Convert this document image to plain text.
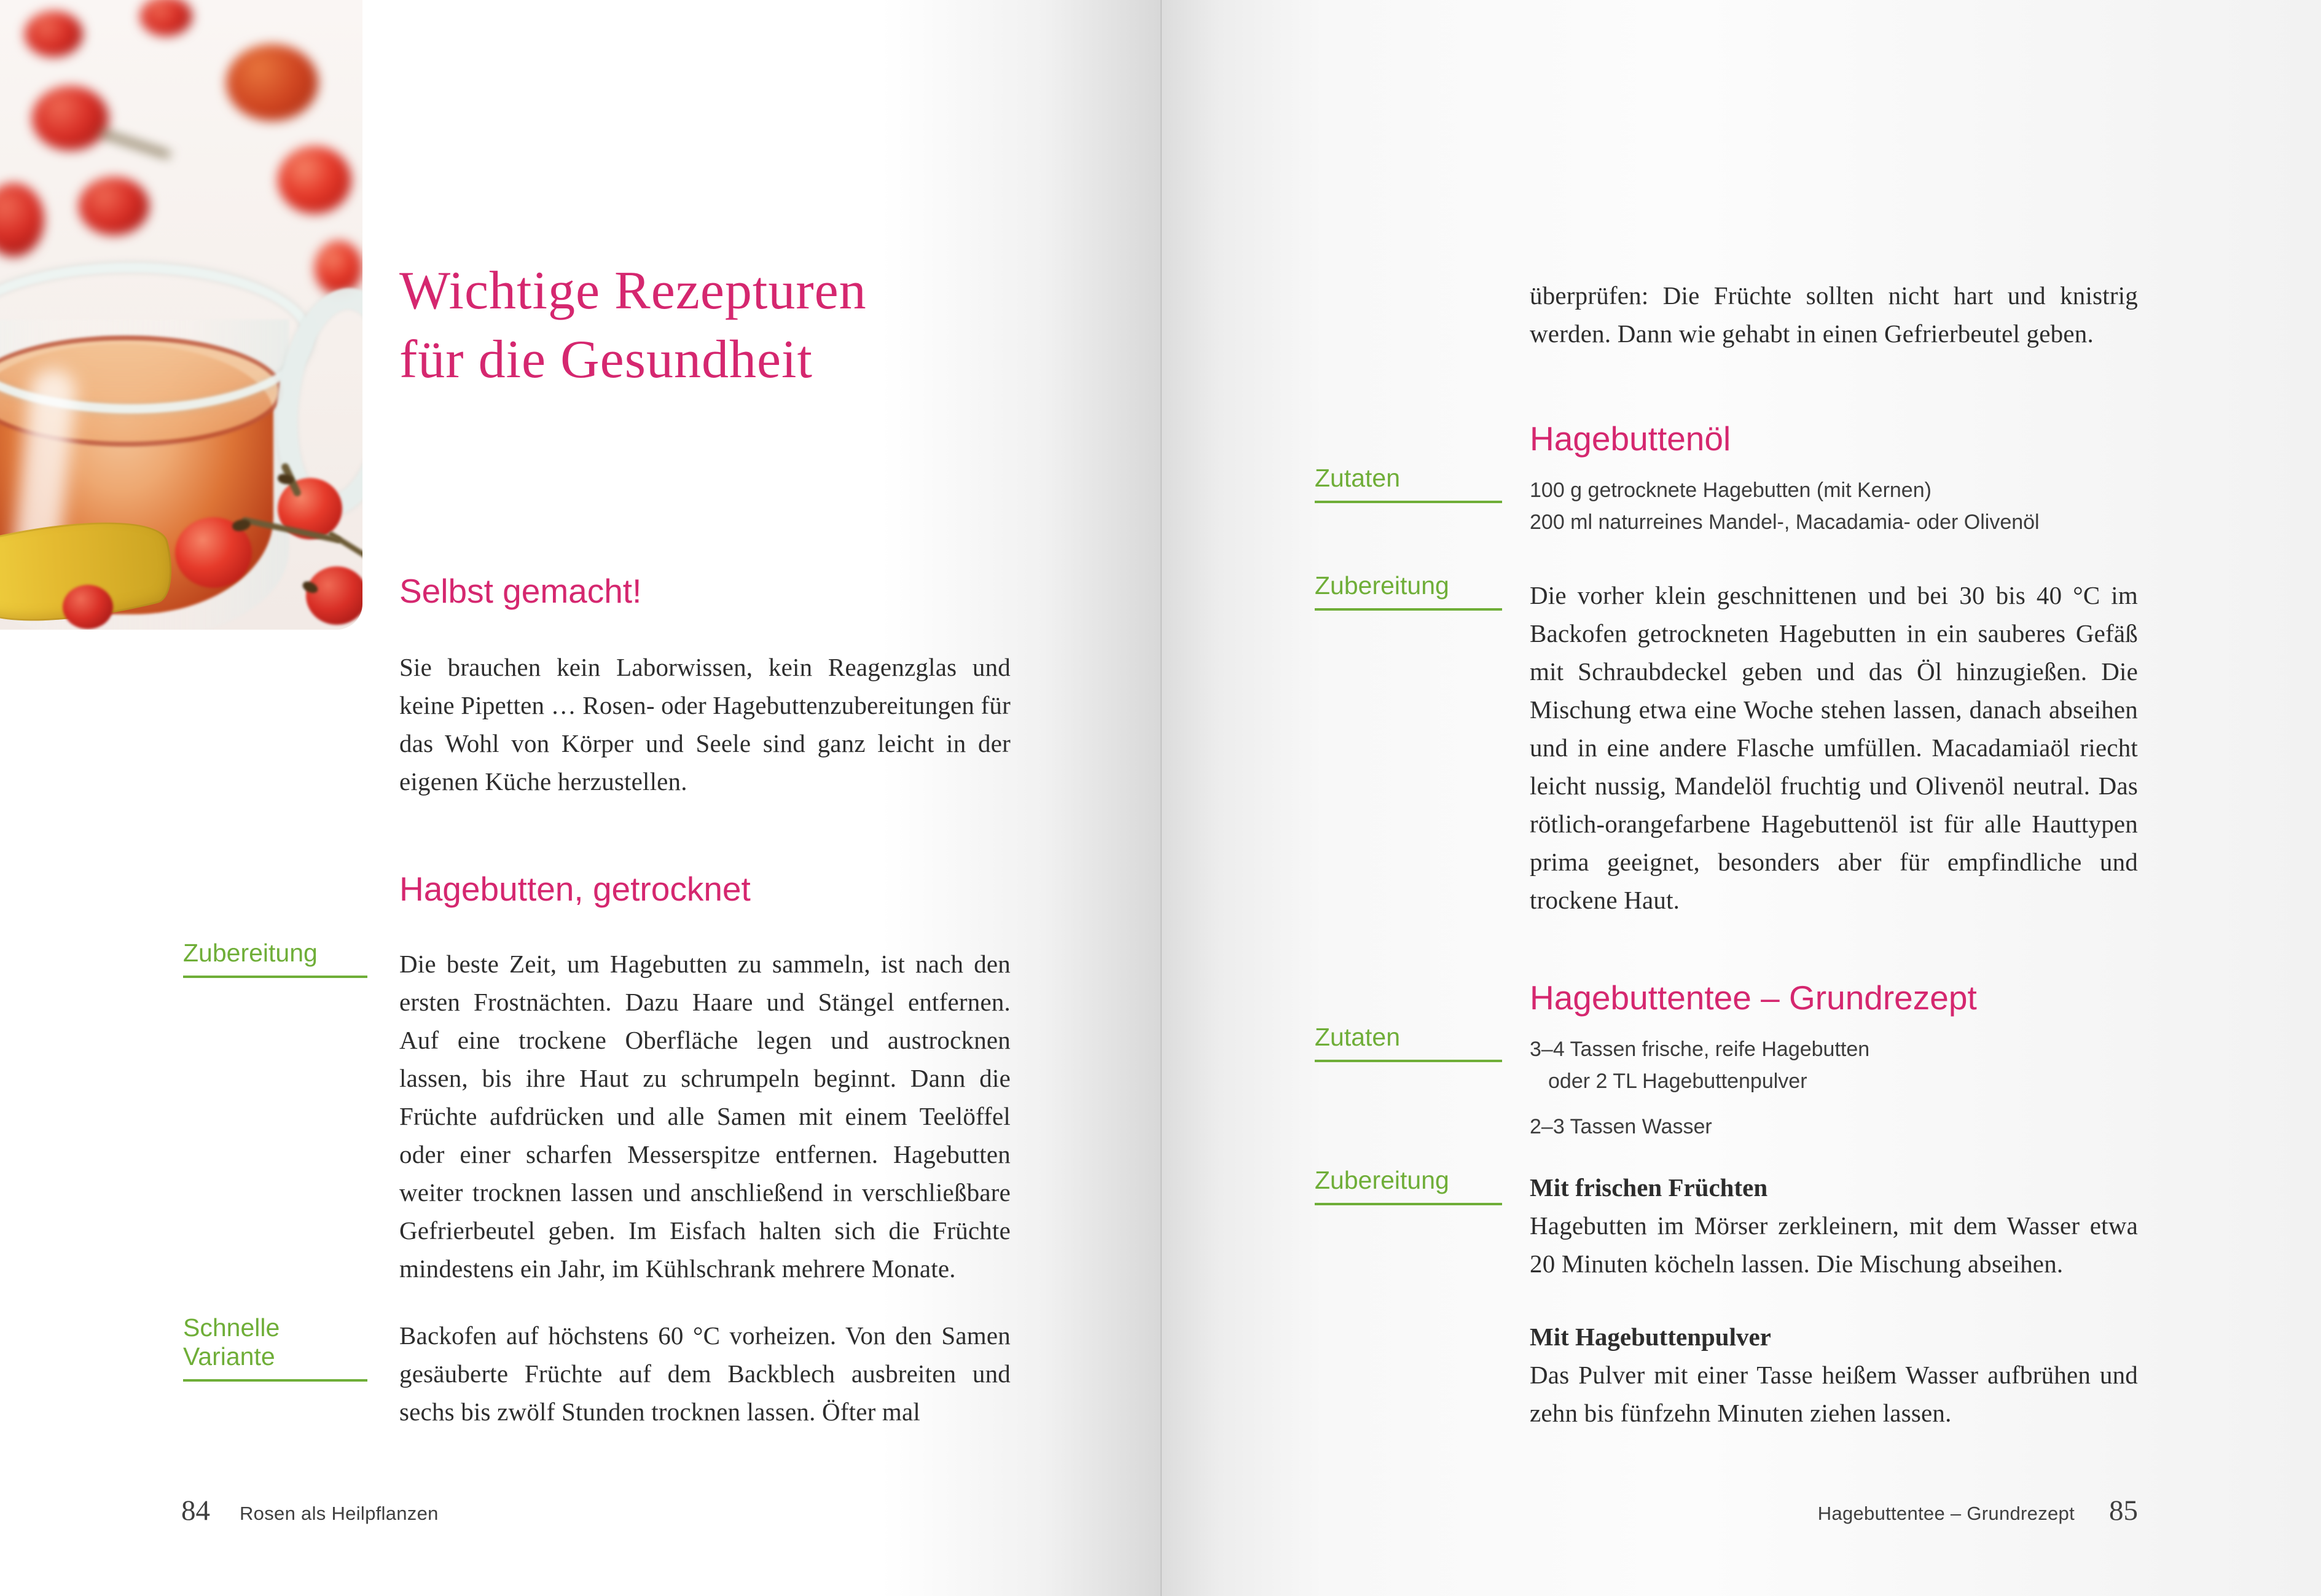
Wichtige Rezepturen
für die Gesundheit
Selbst gemacht!
Sie brauchen kein Laborwissen, kein Reagenzglas und keine Pipetten … Rosen- oder Hagebuttenzubereitungen für das Wohl von Körper und Seele sind ganz leicht in der eigenen Küche herzustellen.
Hagebutten, getrocknet
Zubereitung	Die beste Zeit, um Hagebutten zu sammeln, ist nach den ersten Frostnächten. Dazu Haare und Stängel entfernen. Auf eine trockene Oberfläche legen und austrocknen lassen, bis ihre Haut zu schrumpeln beginnt. Dann die Früchte aufdrücken und alle Samen mit einem Teelöffel oder einer scharfen Messerspitze entfernen. Hagebutten weiter trocknen lassen und anschließend in verschließbare Gefrierbeutel geben. Im Eisfach halten sich die Früchte mindestens ein Jahr, im Kühlschrank mehrere Monate.
Schnelle Variante
Backofen auf höchstens 60 °C vorheizen. Von den Samen gesäuberte Früchte auf dem Backblech ausbreiten und sechs bis zwölf Stunden trocknen lassen. Öfter mal
84 Rosen als Heilpflanzen
überprüfen: Die Früchte sollten nicht hart und knistrig werden. Dann wie gehabt in einen Gefrierbeutel geben.
Hagebuttenöl
Zutaten	100 g getrocknete Hagebutten (mit Kernen)
200 ml naturreines Mandel-, Macadamia- oder Olivenöl
Zubereitung	Die vorher klein geschnittenen und bei 30 bis 40 °C im Backofen getrockneten Hagebutten in ein sauberes Gefäß mit Schraubdeckel geben und das Öl hinzugießen. Die Mischung etwa eine Woche stehen lassen, danach abseihen und in eine andere Flasche umfüllen. Macadamiaöl riecht leicht nussig, Mandelöl fruchtig und Olivenöl neutral. Das rötlich-orangefarbene Hagebuttenöl ist für alle Hauttypen prima geeignet, besonders aber für empfindliche und trockene Haut.
Hagebuttentee – Grundrezept
Zutaten	3–4 Tassen frische, reife Hagebutten
oder 2 TL Hagebuttenpulver
2–3 Tassen Wasser
Zubereitung	Mit frischen Früchten
Hagebutten im Mörser zerkleinern, mit dem Wasser etwa 20 Minuten köcheln lassen. Die Mischung abseihen.
Mit Hagebuttenpulver
Das Pulver mit einer Tasse heißem Wasser aufbrühen und zehn bis fünfzehn Minuten ziehen lassen.
Hagebuttentee – Grundrezept 85
